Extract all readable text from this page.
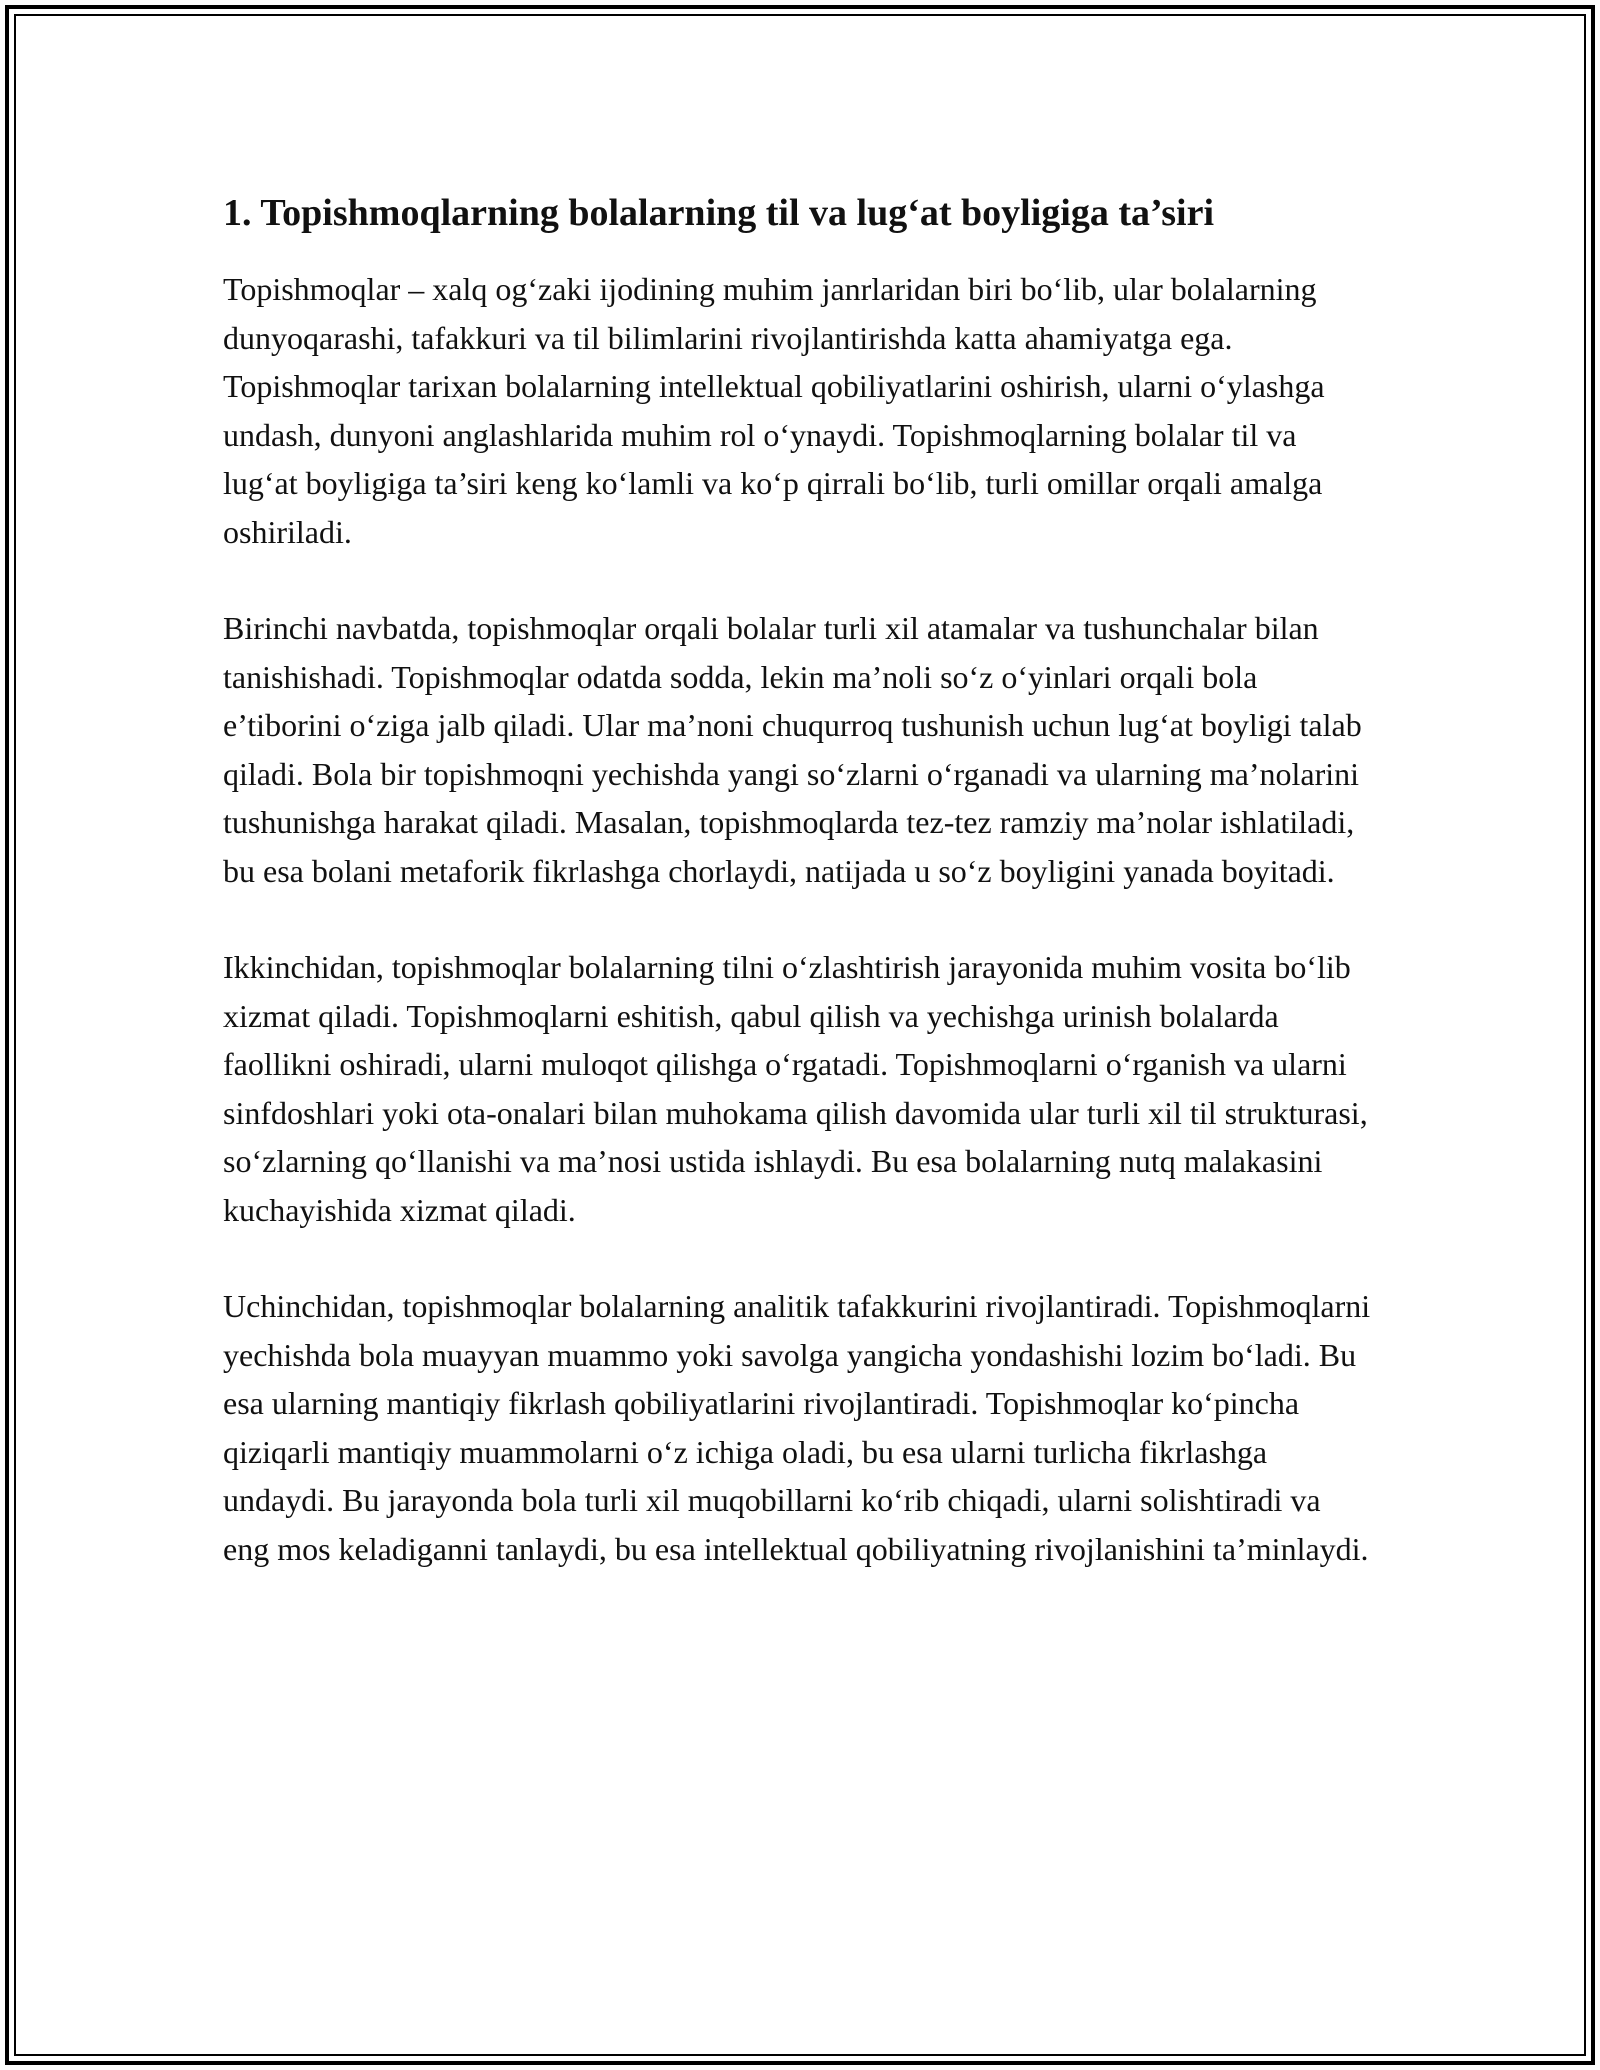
1. Topishmoqlarning bolalarning til va lug‘at boyligiga ta’siri

Topishmoqlar – xalq og‘zaki ijodining muhim janrlaridan biri bo‘lib, ular bolalarning dunyoqarashi, tafakkuri va til bilimlarini rivojlantirishda katta ahamiyatga ega. Topishmoqlar tarixan bolalarning intellektual qobiliyatlarini oshirish, ularni o‘ylashga undash, dunyoni anglashlarida muhim rol o‘ynaydi. Topishmoqlarning bolalar til va lug‘at boyligiga ta’siri keng ko‘lamli va ko‘p qirrali bo‘lib, turli omillar orqali amalga oshiriladi.

Birinchi navbatda, topishmoqlar orqali bolalar turli xil atamalar va tushunchalar bilan tanishishadi. Topishmoqlar odatda sodda, lekin ma’noli so‘z o‘yinlari orqali bola e’tiborini o‘ziga jalb qiladi. Ular ma’noni chuqurroq tushunish uchun lug‘at boyligi talab qiladi. Bola bir topishmoqni yechishda yangi so‘zlarni o‘rganadi va ularning ma’nolarini tushunishga harakat qiladi. Masalan, topishmoqlarda tez-tez ramziy ma’nolar ishlatiladi, bu esa bolani metaforik fikrlashga chorlaydi, natijada u so‘z boyligini yanada boyitadi.

Ikkinchidan, topishmoqlar bolalarning tilni o‘zlashtirish jarayonida muhim vosita bo‘lib xizmat qiladi. Topishmoqlarni eshitish, qabul qilish va yechishga urinish bolalarda faollikni oshiradi, ularni muloqot qilishga o‘rgatadi. Topishmoqlarni o‘rganish va ularni sinfdoshlari yoki ota-onalari bilan muhokama qilish davomida ular turli xil til strukturasi, so‘zlarning qo‘llanishi va ma’nosi ustida ishlaydi. Bu esa bolalarning nutq malakasini kuchayishida xizmat qiladi.

Uchinchidan, topishmoqlar bolalarning analitik tafakkurini rivojlantiradi. Topishmoqlarni yechishda bola muayyan muammo yoki savolga yangicha yondashishi lozim bo‘ladi. Bu esa ularning mantiqiy fikrlash qobiliyatlarini rivojlantiradi. Topishmoqlar ko‘pincha qiziqarli mantiqiy muammolarni o‘z ichiga oladi, bu esa ularni turlicha fikrlashga undaydi. Bu jarayonda bola turli xil muqobillarni ko‘rib chiqadi, ularni solishtiradi va eng mos keladiganni tanlaydi, bu esa intellektual qobiliyatning rivojlanishini ta’minlaydi.
